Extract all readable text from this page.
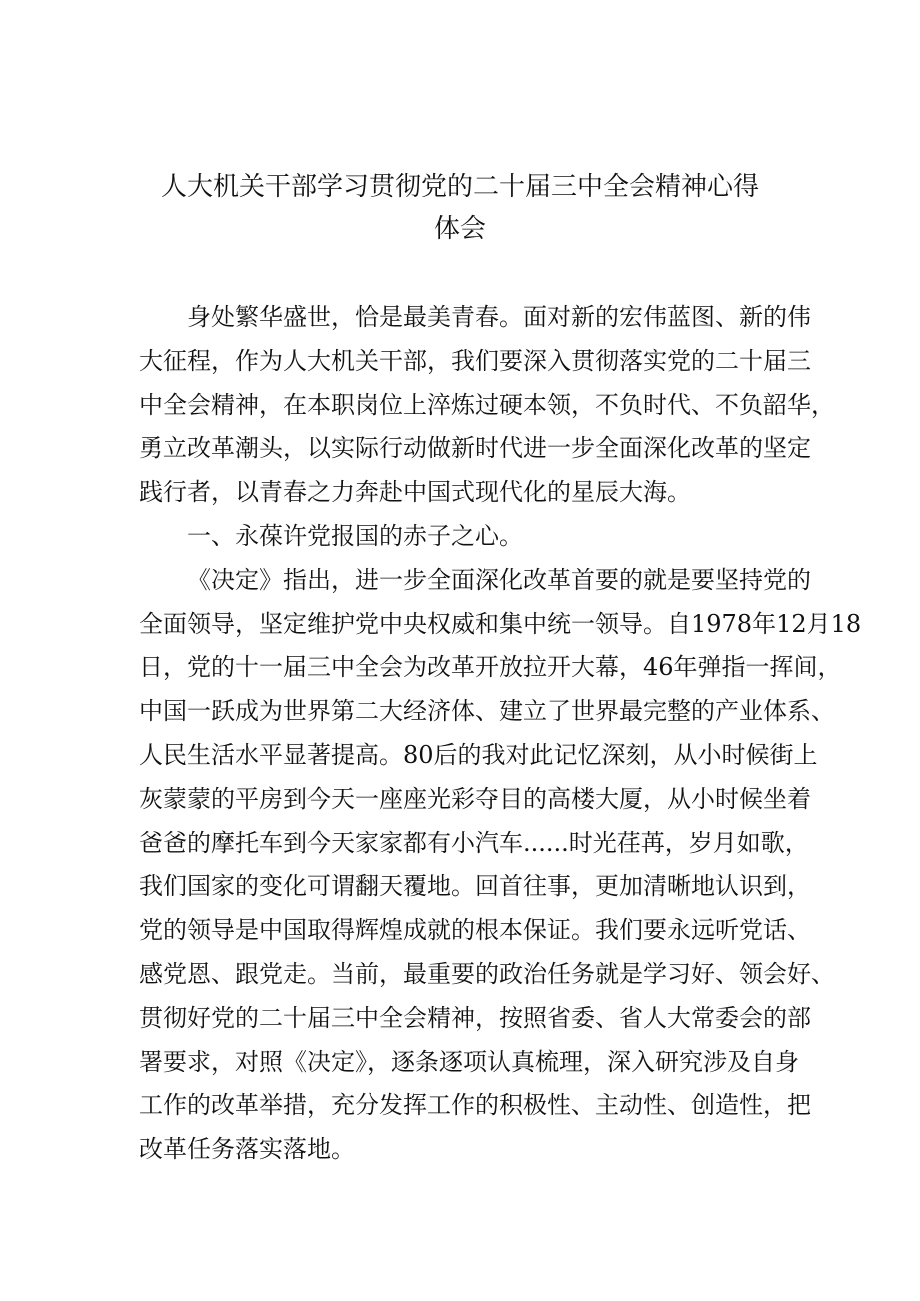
人大机关干部学习贯彻党的二十届三中全会精神心得
体会
身处繁华盛世，恰是最美青春。面对新的宏伟蓝图、新的伟
大征程，作为人大机关干部，我们要深入贯彻落实党的二十届三
中全会精神，在本职岗位上淬炼过硬本领，不负时代、不负韶华，
勇立改革潮头，以实际行动做新时代进一步全面深化改革的坚定
践行者，以青春之力奔赴中国式现代化的星辰大海。
一、永葆许党报国的赤子之心。
《决定》指出，进一步全面深化改革首要的就是要坚持党的
全面领导，坚定维护党中央权威和集中统一领导。自1978年12月18
日，党的十一届三中全会为改革开放拉开大幕，46年弹指一挥间，
中国一跃成为世界第二大经济体、建立了世界最完整的产业体系、
人民生活水平显著提高。80后的我对此记忆深刻，从小时候街上
灰蒙蒙的平房到今天一座座光彩夺目的高楼大厦，从小时候坐着
爸爸的摩托车到今天家家都有小汽车......时光荏苒，岁月如歌，
我们国家的变化可谓翻天覆地。回首往事，更加清晰地认识到，
党的领导是中国取得辉煌成就的根本保证。我们要永远听党话、
感党恩、跟党走。当前，最重要的政治任务就是学习好、领会好、
贯彻好党的二十届三中全会精神，按照省委、省人大常委会的部
署要求，对照《决定》，逐条逐项认真梳理，深入研究涉及自身
工作的改革举措，充分发挥工作的积极性、主动性、创造性，把
改革任务落实落地。
